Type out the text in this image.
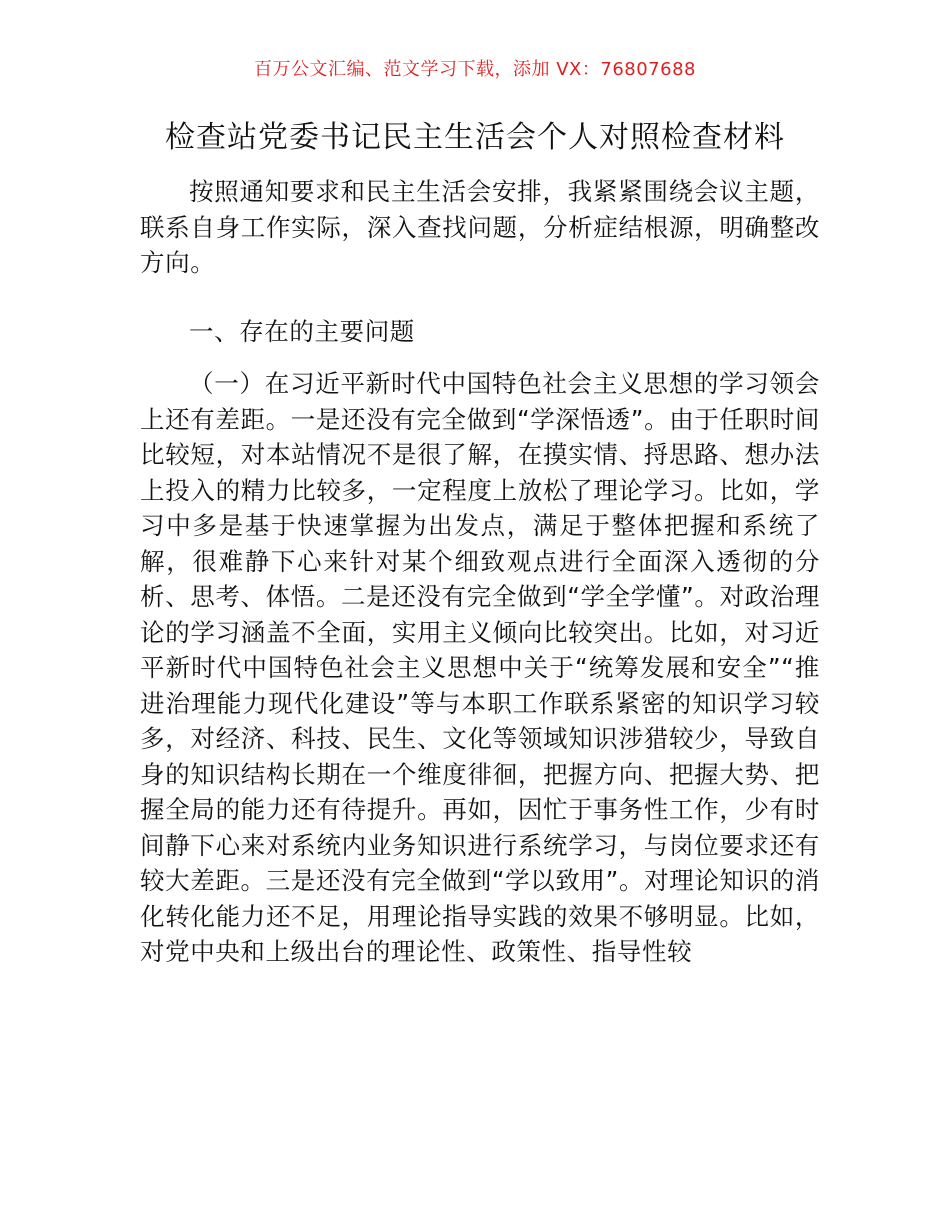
百万公文汇编、范文学习下载，添加 VX：76807688
检查站党委书记民主生活会个人对照检查材料

按照通知要求和民主生活会安排，我紧紧围绕会议主题，联系自身工作实际，深入查找问题，分析症结根源，明确整改方向。

一、存在的主要问题

（一）在习近平新时代中国特色社会主义思想的学习领会上还有差距。一是还没有完全做到“学深悟透”。由于任职时间比较短，对本站情况不是很了解，在摸实情、捋思路、想办法上投入的精力比较多，一定程度上放松了理论学习。比如，学习中多是基于快速掌握为出发点，满足于整体把握和系统了解，很难静下心来针对某个细致观点进行全面深入透彻的分析、思考、体悟。二是还没有完全做到“学全学懂”。对政治理论的学习涵盖不全面，实用主义倾向比较突出。比如，对习近平新时代中国特色社会主义思想中关于“统筹发展和安全”“推进治理能力现代化建设”等与本职工作联系紧密的知识学习较多，对经济、科技、民生、文化等领域知识涉猎较少，导致自身的知识结构长期在一个维度徘徊，把握方向、把握大势、把握全局的能力还有待提升。再如，因忙于事务性工作，少有时间静下心来对系统内业务知识进行系统学习，与岗位要求还有较大差距。三是还没有完全做到“学以致用”。对理论知识的消化转化能力还不足，用理论指导实践的效果不够明显。比如，对党中央和上级出台的理论性、政策性、指导性较
